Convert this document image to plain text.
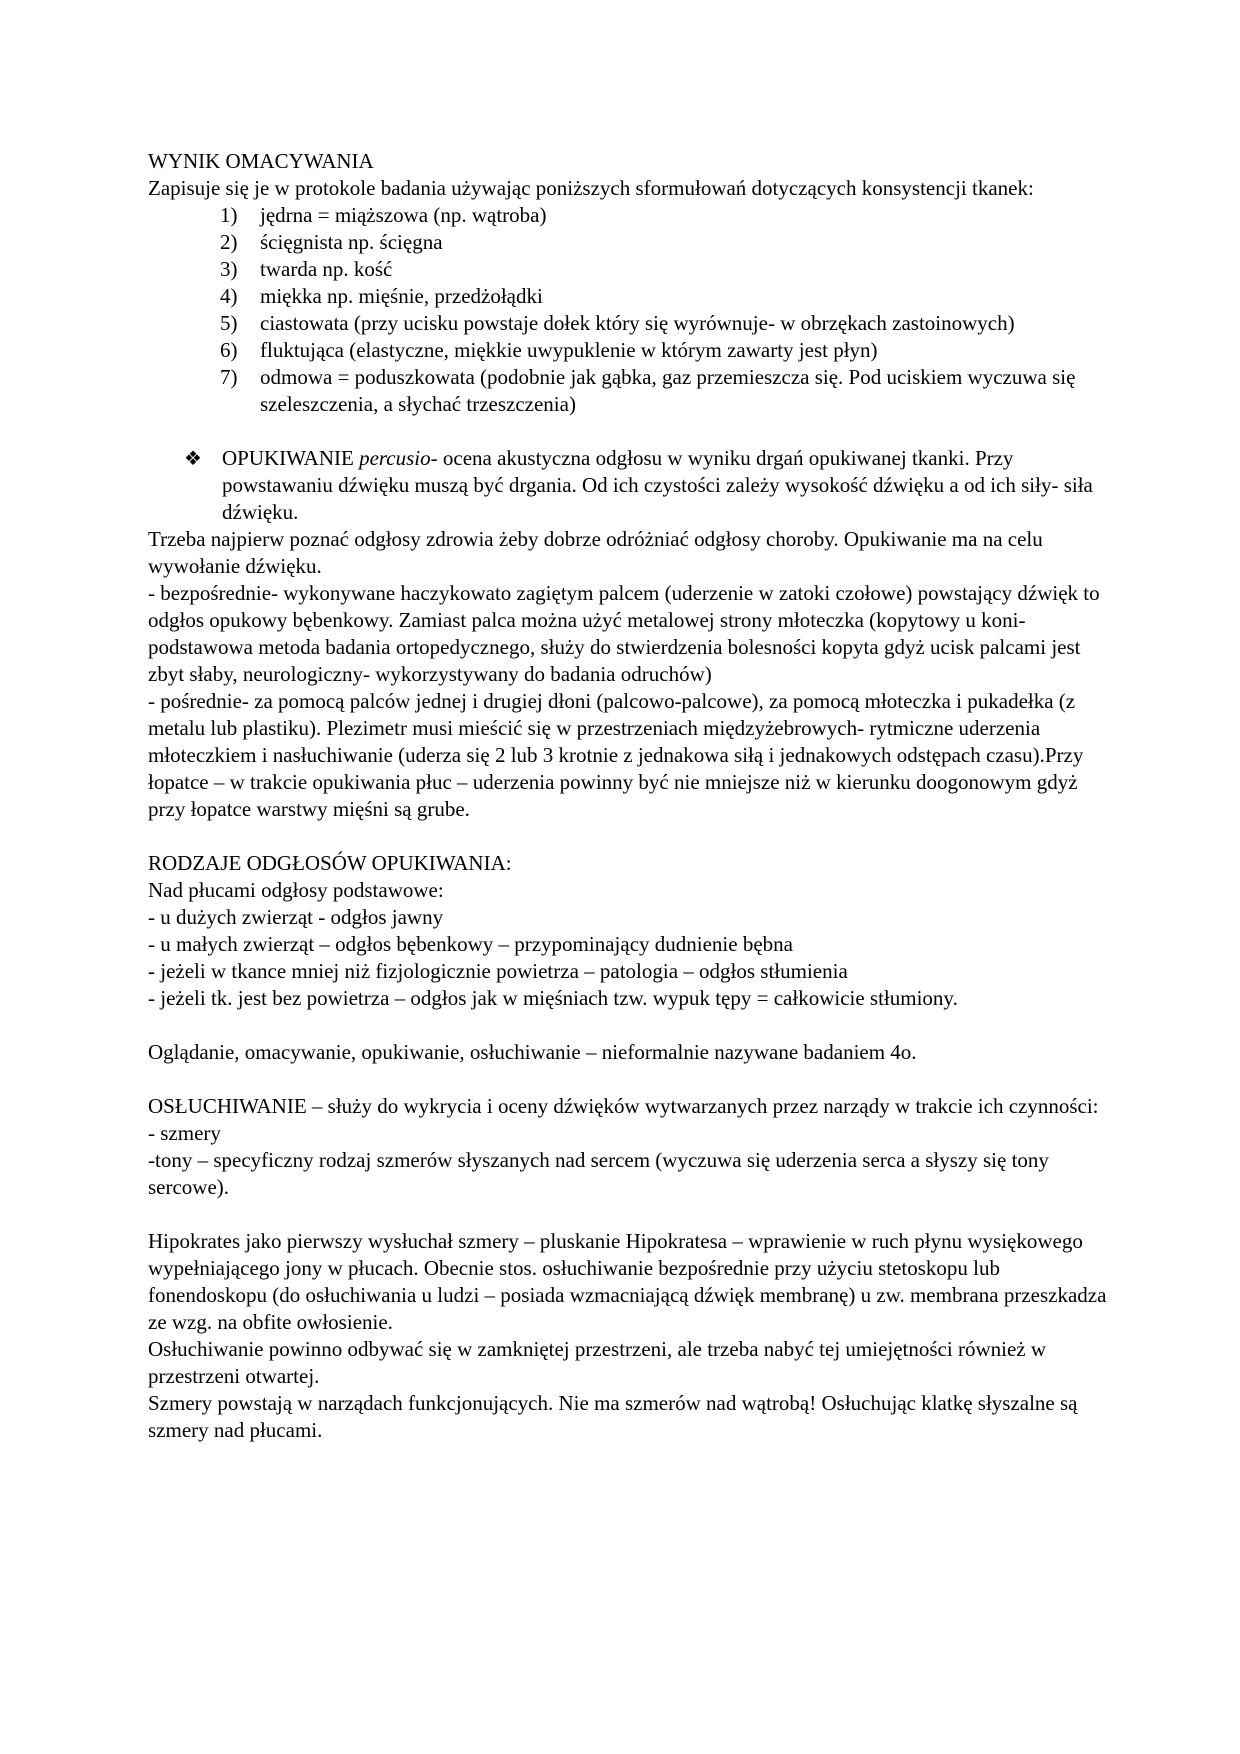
WYNIK OMACYWANIA

Zapisuje się je w protokole badania używając poniższych sformułowań dotyczących konsystencji tkanek:

1)	jędrna = miąższowa (np. wątroba)
2)	ścięgnista np. ścięgna
3)	twarda np. kość
4)	miękka np. mięśnie, przedżołądki
5)	ciastowata (przy ucisku powstaje dołek który się wyrównuje- w obrzękach zastoinowych)
6)	fluktująca (elastyczne, miękkie uwypuklenie w którym zawarty jest płyn)
7)	odmowa = poduszkowata (podobnie jak gąbka, gaz przemieszcza się. Pod uciskiem wyczuwa się szeleszczenia, a słychać trzeszczenia)
❖ OPUKIWANIE percusio- ocena akustyczna odgłosu w wyniku drgań opukiwanej tkanki. Przy powstawaniu dźwięku muszą być drgania. Od ich czystości zależy wysokość dźwięku a od ich siły- siła dźwięku.

Trzeba najpierw poznać odgłosy zdrowia żeby dobrze odróżniać odgłosy choroby. Opukiwanie ma na celu wywołanie dźwięku.

- bezpośrednie- wykonywane haczykowato zagiętym palcem (uderzenie w zatoki czołowe) powstający dźwięk to odgłos opukowy bębenkowy. Zamiast palca można użyć metalowej strony młoteczka (kopytowy u koni- podstawowa metoda badania ortopedycznego, służy do stwierdzenia bolesności kopyta gdyż ucisk palcami jest zbyt słaby, neurologiczny- wykorzystywany do badania odruchów)

- pośrednie- za pomocą palców jednej i drugiej dłoni (palcowo-palcowe), za pomocą młoteczka i pukadełka (z metalu lub plastiku). Plezimetr musi mieścić się w przestrzeniach międzyżebrowych- rytmiczne uderzenia młoteczkiem i nasłuchiwanie (uderza się 2 lub 3 krotnie z jednakowa siłą i jednakowych odstępach czasu).Przy łopatce – w trakcie opukiwania płuc – uderzenia powinny być nie mniejsze niż w kierunku doogonowym gdyż przy łopatce warstwy mięśni są grube.

RODZAJE ODGŁOSÓW OPUKIWANIA:

Nad płucami odgłosy podstawowe:

- u dużych zwierząt - odgłos jawny

- u małych zwierząt – odgłos bębenkowy – przypominający dudnienie bębna

- jeżeli w tkance mniej niż fizjologicznie powietrza – patologia – odgłos stłumienia

- jeżeli tk. jest bez powietrza – odgłos jak w mięśniach tzw. wypuk tępy = całkowicie stłumiony.

Oglądanie, omacywanie, opukiwanie, osłuchiwanie – nieformalnie nazywane badaniem 4o.

OSŁUCHIWANIE – służy do wykrycia i oceny dźwięków wytwarzanych przez narządy w trakcie ich czynności:

- szmery

-tony – specyficzny rodzaj szmerów słyszanych nad sercem (wyczuwa się uderzenia serca a słyszy się tony sercowe).

Hipokrates jako pierwszy wysłuchał szmery – pluskanie Hipokratesa – wprawienie w ruch płynu wysiękowego wypełniającego jony w płucach. Obecnie stos. osłuchiwanie bezpośrednie przy użyciu stetoskopu lub fonendoskopu (do osłuchiwania u ludzi – posiada wzmacniającą dźwięk membranę) u zw. membrana przeszkadza ze wzg. na obfite owłosienie.

Osłuchiwanie powinno odbywać się w zamkniętej przestrzeni, ale trzeba nabyć tej umiejętności również w przestrzeni otwartej.

Szmery powstają w narządach funkcjonujących. Nie ma szmerów nad wątrobą! Osłuchując klatkę słyszalne są szmery nad płucami.
